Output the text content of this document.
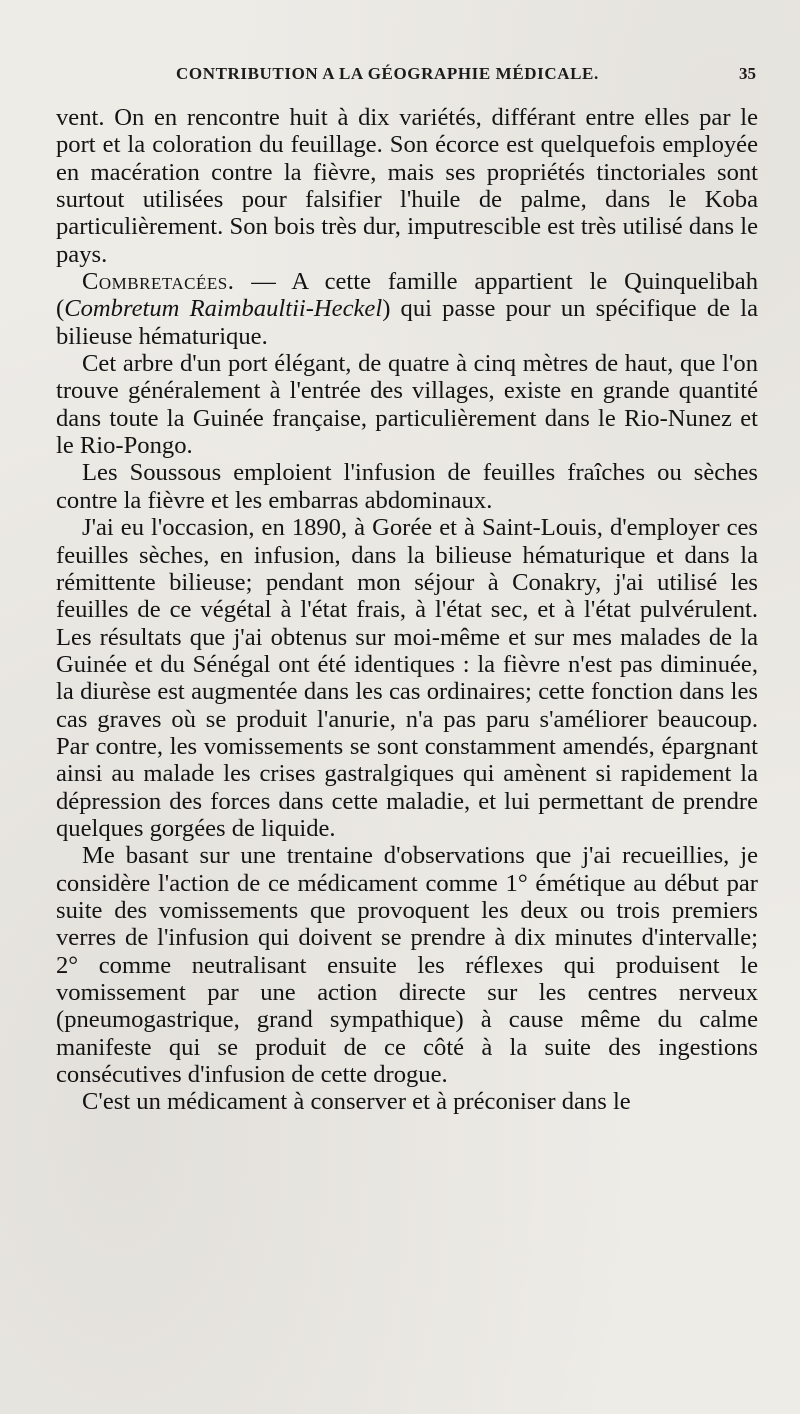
CONTRIBUTION A LA GÉOGRAPHIE MÉDICALE.	35

vent. On en rencontre huit à dix variétés, différant entre elles par le port et la coloration du feuillage. Son écorce est quelquefois employée en macération contre la fièvre, mais ses propriétés tinctoriales sont surtout utilisées pour falsifier l'huile de palme, dans le Koba particulièrement. Son bois très dur, imputrescible est très utilisé dans le pays.

Combretacées. — A cette famille appartient le Quinquelibah (Combretum Raimbaultii-Heckel) qui passe pour un spécifique de la bilieuse hématurique.

Cet arbre d'un port élégant, de quatre à cinq mètres de haut, que l'on trouve généralement à l'entrée des villages, existe en grande quantité dans toute la Guinée française, particulièrement dans le Rio-Nunez et le Rio-Pongo.

Les Soussous emploient l'infusion de feuilles fraîches ou sèches contre la fièvre et les embarras abdominaux.

J'ai eu l'occasion, en 1890, à Gorée et à Saint-Louis, d'employer ces feuilles sèches, en infusion, dans la bilieuse hématurique et dans la rémittente bilieuse; pendant mon séjour à Conakry, j'ai utilisé les feuilles de ce végétal à l'état frais, à l'état sec, et à l'état pulvérulent. Les résultats que j'ai obtenus sur moi-même et sur mes malades de la Guinée et du Sénégal ont été identiques : la fièvre n'est pas diminuée, la diurèse est augmentée dans les cas ordinaires; cette fonction dans les cas graves où se produit l'anurie, n'a pas paru s'améliorer beaucoup. Par contre, les vomissements se sont constamment amendés, épargnant ainsi au malade les crises gastralgiques qui amènent si rapidement la dépression des forces dans cette maladie, et lui permettant de prendre quelques gorgées de liquide.

Me basant sur une trentaine d'observations que j'ai recueillies, je considère l'action de ce médicament comme 1° émétique au début par suite des vomissements que provoquent les deux ou trois premiers verres de l'infusion qui doivent se prendre à dix minutes d'intervalle; 2° comme neutralisant ensuite les réflexes qui produisent le vomissement par une action directe sur les centres nerveux (pneumogastrique, grand sympathique) à cause même du calme manifeste qui se produit de ce côté à la suite des ingestions consécutives d'infusion de cette drogue.

C'est un médicament à conserver et à préconiser dans le
